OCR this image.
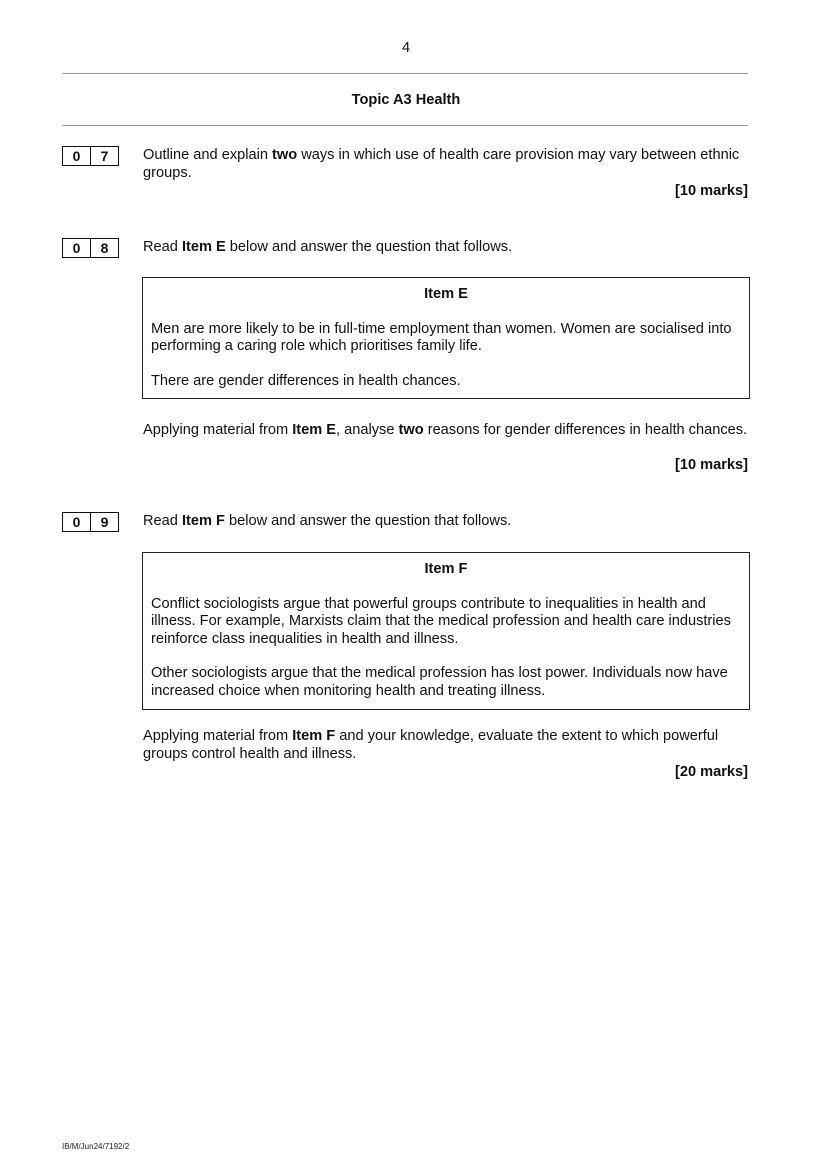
4
Topic A3 Health
0	7	Outline and explain two ways in which use of health care provision may vary between ethnic groups.
[10 marks]
0	8	Read Item E below and answer the question that follows.
Item E

Men are more likely to be in full-time employment than women. Women are socialised into performing a caring role which prioritises family life.

There are gender differences in health chances.

Applying material from Item E, analyse two reasons for gender differences in health chances.
[10 marks]
0	9	Read Item F below and answer the question that follows.
Item F

Conflict sociologists argue that powerful groups contribute to inequalities in health and illness. For example, Marxists claim that the medical profession and health care industries reinforce class inequalities in health and illness.

Other sociologists argue that the medical profession has lost power. Individuals now have increased choice when monitoring health and treating illness.

Applying material from Item F and your knowledge, evaluate the extent to which powerful groups control health and illness.
[20 marks]
IB/M/Jun24/7192/2
